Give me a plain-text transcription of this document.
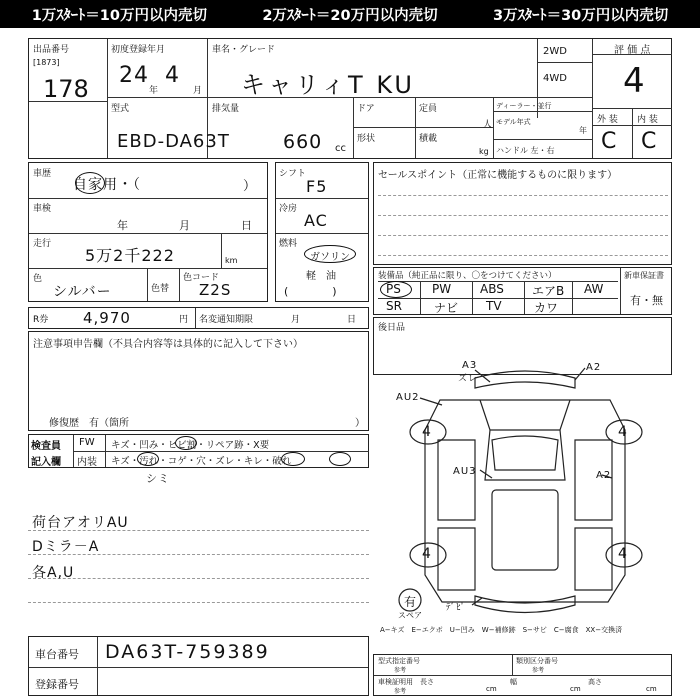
1万ｽﾀｰﾄ＝10万円以内売切	2万ｽﾀｰﾄ＝20万円以内売切	3万ｽﾀｰﾄ＝30万円以内売切
出品番号
[1873]
178
初度登録年月
24
年
4
月
車名・グレード
キャリィT KU
2WD
4WD
評 価 点
4
型式
EBD-DA63T
排気量
660 cc
ドア
形状
定員
人
積載
kg
ディーラー・並行
モデル年式
年
ハンドル 左・右
外 装 内 装
C C
車歴
自家用・（	）
車検
年	月	日
走行
5万2千222	km
色
シルバー	色替
色コード
Z2S
シフト
F5
冷房
AC
燃料
ガソリン
軽　油
(　　　　)
セールスポイント（正常に機能するものに限ります）
装備品（純正品に限り、〇をつけてください）
PS	PW ABS エアB AW
SR	ナビ TV	カワ
新車保証書
有・無
R券 4,970	円 名変通知期限	月	日
後日品
注意事項申告欄（不具合内容等は具体的に記入して下さい）
修復歴　有（箇所	）
検査員
記入欄
FW キズ・凹み・ヒビ割・リペア跡・X要
内装 キズ・汚れ・コゲ・穴・ズレ・キレ・破れ
シミ
荷台アオリAU
Dミラ－A
各A,U
A3
ズレ
A2
AU2
AU3	A2
4	4
4	4
有
スペア
ﾃﾞﾋﾟ
A−キズ　E−エクボ　U−凹み　W−補修跡　S−サビ　C−腐食　XX−交換済
車台番号 DA63T-759389
登録番号
型式指定番号
参考
類別区分番号
参考
車検証明用
参考
長さ
cm
幅
cm
高さ
cm
